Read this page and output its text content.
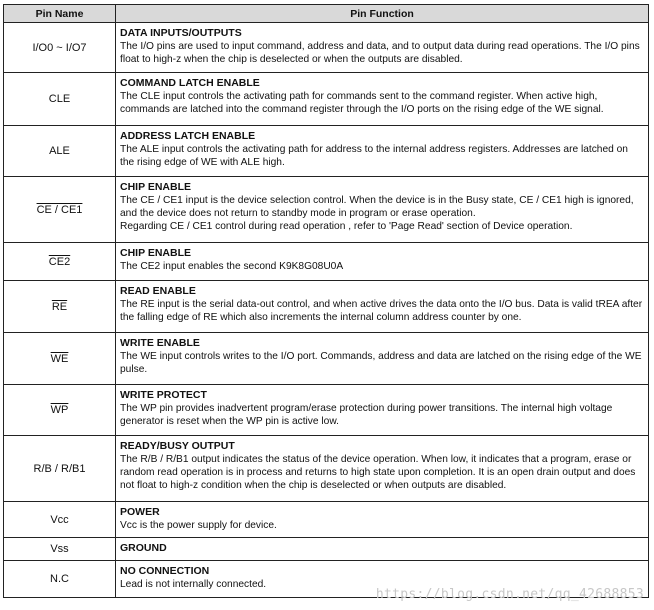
Pin Name	Pin Function
I/O0 ~ I/O7	DATA INPUTS/OUTPUTS
The I/O pins are used to input command, address and data, and to output data during read operations. The I/O pins float to high-z when the chip is deselected or when the outputs are disabled.

CLE	COMMAND LATCH ENABLE
The CLE input controls the activating path for commands sent to the command register. When active high, commands are latched into the command register through the I/O ports on the rising edge of the WE signal.

ALE	ADDRESS LATCH ENABLE
The ALE input controls the activating path for address to the internal address registers. Addresses are latched on the rising edge of WE with ALE high.

CE / CE1	CHIP ENABLE
The CE / CE1 input is the device selection control. When the device is in the Busy state, CE / CE1 high is ignored, and the device does not return to standby mode in program or erase operation.
Regarding CE / CE1 control during read operation , refer to 'Page Read' section of Device operation.

CE2	CHIP ENABLE
The CE2 input enables the second K9K8G08U0A

$\overline{RE}$	READ ENABLE
The RE input is the serial data-out control, and when active drives the data onto the I/O bus. Data is valid tREA after the falling edge of RE which also increments the internal column address counter by one.

$\overline{WE}$	WRITE ENABLE
The WE input controls writes to the I/O port. Commands, address and data are latched on the rising edge of the WE pulse.

$\overline{WP}$	WRITE PROTECT
The WP pin provides inadvertent program/erase protection during power transitions. The internal high voltage generator is reset when the WP pin is active low.

R/B / R/B1	READY/BUSY OUTPUT
The R/B / R/B1 output indicates the status of the device operation. When low, it indicates that a program, erase or random read operation is in process and returns to high state upon completion. It is an open drain output and does not float to high-z condition when the chip is deselected or when outputs are disabled.

Vcc	POWER
Vcc is the power supply for device.

Vss	GROUND

N.C	NO CONNECTION
Lead is not internally connected.
https://blog.csdn.net/qq_42688853
